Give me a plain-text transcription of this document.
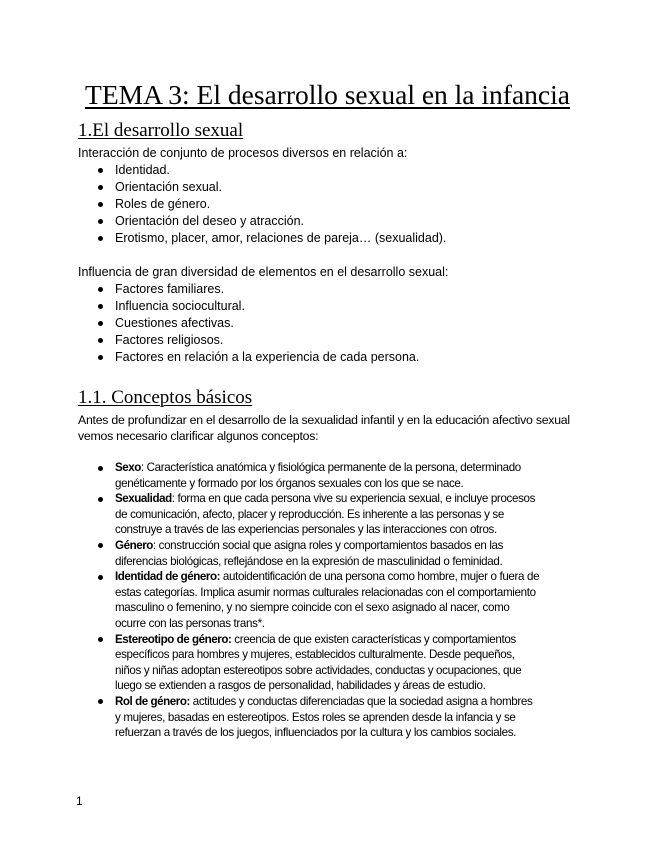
TEMA 3: El desarrollo sexual en la infancia
1.El desarrollo sexual
Interacción de conjunto de procesos diversos en relación a:
Identidad.
Orientación sexual.
Roles de género.
Orientación del deseo y atracción.
Erotismo, placer, amor, relaciones de pareja… (sexualidad).
Influencia de gran diversidad de elementos en el desarrollo sexual:
Factores familiares.
Influencia sociocultural.
Cuestiones afectivas.
Factores religiosos.
Factores en relación a la experiencia de cada persona.
1.1. Conceptos básicos
Antes de profundizar en el desarrollo de la sexualidad infantil y en la educación afectivo sexual
vemos necesario clarificar algunos conceptos:
Sexo: Característica anatómica y fisiológica permanente de la persona, determinado
genéticamente y formado por los órganos sexuales con los que se nace.
Sexualidad: forma en que cada persona vive su experiencia sexual, e incluye procesos
de comunicación, afecto, placer y reproducción. Es inherente a las personas y se
construye a través de las experiencias personales y las interacciones con otros.
Género: construcción social que asigna roles y comportamientos basados en las
diferencias biológicas, reflejándose en la expresión de masculinidad o feminidad.
Identidad de género: autoidentificación de una persona como hombre, mujer o fuera de
estas categorías. Implica asumir normas culturales relacionadas con el comportamiento
masculino o femenino, y no siempre coincide con el sexo asignado al nacer, como
ocurre con las personas trans*.
Estereotipo de género: creencia de que existen características y comportamientos
específicos para hombres y mujeres, establecidos culturalmente. Desde pequeños,
niños y niñas adoptan estereotipos sobre actividades, conductas y ocupaciones, que
luego se extienden a rasgos de personalidad, habilidades y áreas de estudio.
Rol de género: actitudes y conductas diferenciadas que la sociedad asigna a hombres
y mujeres, basadas en estereotipos. Estos roles se aprenden desde la infancia y se
refuerzan a través de los juegos, influenciados por la cultura y los cambios sociales.
1
